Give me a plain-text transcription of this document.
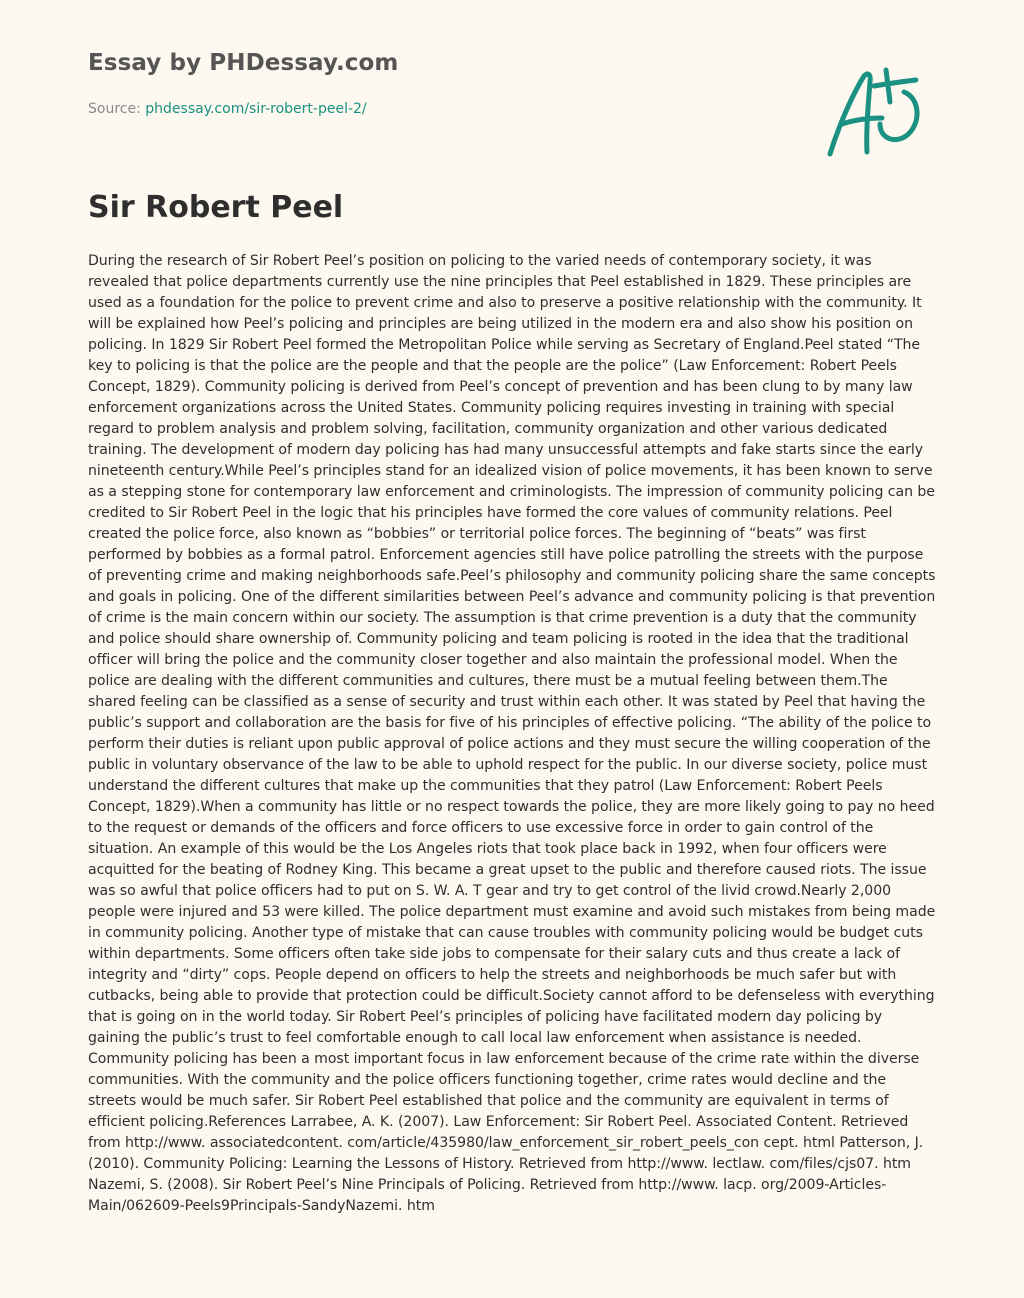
Essay by PHDessay.com
Source: phdessay.com/sir-robert-peel-2/
Sir Robert Peel

During the research of Sir Robert Peel’s position on policing to the varied needs of contemporary society, it was revealed that police departments currently use the nine principles that Peel established in 1829. These principles are used as a foundation for the police to prevent crime and also to preserve a positive relationship with the community. It will be explained how Peel’s policing and principles are being utilized in the modern era and also show his position on policing. In 1829 Sir Robert Peel formed the Metropolitan Police while serving as Secretary of England.Peel stated “The key to policing is that the police are the people and that the people are the police” (Law Enforcement: Robert Peels Concept, 1829). Community policing is derived from Peel’s concept of prevention and has been clung to by many law enforcement organizations across the United States. Community policing requires investing in training with special regard to problem analysis and problem solving, facilitation, community organization and other various dedicated training. The development of modern day policing has had many unsuccessful attempts and fake starts since the early nineteenth century.While Peel’s principles stand for an idealized vision of police movements, it has been known to serve as a stepping stone for contemporary law enforcement and criminologists. The impression of community policing can be credited to Sir Robert Peel in the logic that his principles have formed the core values of community relations. Peel created the police force, also known as “bobbies” or territorial police forces. The beginning of “beats” was first performed by bobbies as a formal patrol. Enforcement agencies still have police patrolling the streets with the purpose of preventing crime and making neighborhoods safe.Peel’s philosophy and community policing share the same concepts and goals in policing. One of the different similarities between Peel’s advance and community policing is that prevention of crime is the main concern within our society. The assumption is that crime prevention is a duty that the community and police should share ownership of. Community policing and team policing is rooted in the idea that the traditional officer will bring the police and the community closer together and also maintain the professional model. When the police are dealing with the different communities and cultures, there must be a mutual feeling between them.The shared feeling can be classified as a sense of security and trust within each other. It was stated by Peel that having the public’s support and collaboration are the basis for five of his principles of effective policing. “The ability of the police to perform their duties is reliant upon public approval of police actions and they must secure the willing cooperation of the public in voluntary observance of the law to be able to uphold respect for the public. In our diverse society, police must understand the different cultures that make up the communities that they patrol (Law Enforcement: Robert Peels Concept, 1829).When a community has little or no respect towards the police, they are more likely going to pay no heed to the request or demands of the officers and force officers to use excessive force in order to gain control of the situation. An example of this would be the Los Angeles riots that took place back in 1992, when four officers were acquitted for the beating of Rodney King. This became a great upset to the public and therefore caused riots. The issue was so awful that police officers had to put on S. W. A. T gear and try to get control of the livid crowd.Nearly 2,000 people were injured and 53 were killed. The police department must examine and avoid such mistakes from being made in community policing. Another type of mistake that can cause troubles with community policing would be budget cuts within departments. Some officers often take side jobs to compensate for their salary cuts and thus create a lack of integrity and “dirty” cops. People depend on officers to help the streets and neighborhoods be much safer but with cutbacks, being able to provide that protection could be difficult.Society cannot afford to be defenseless with everything that is going on in the world today. Sir Robert Peel’s principles of policing have facilitated modern day policing by gaining the public’s trust to feel comfortable enough to call local law enforcement when assistance is needed. Community policing has been a most important focus in law enforcement because of the crime rate within the diverse communities. With the community and the police officers functioning together, crime rates would decline and the streets would be much safer. Sir Robert Peel established that police and the community are equivalent in terms of efficient policing.References Larrabee, A. K. (2007). Law Enforcement: Sir Robert Peel. Associated Content. Retrieved from http://www. associatedcontent. com/article/435980/law_enforcement_sir_robert_peels_con cept. html Patterson, J. (2010). Community Policing: Learning the Lessons of History. Retrieved from http://www. lectlaw. com/files/cjs07. htm Nazemi, S. (2008). Sir Robert Peel’s Nine Principals of Policing. Retrieved from http://www. lacp. org/2009-Articles-Main/062609-Peels9Principals-SandyNazemi. htm
